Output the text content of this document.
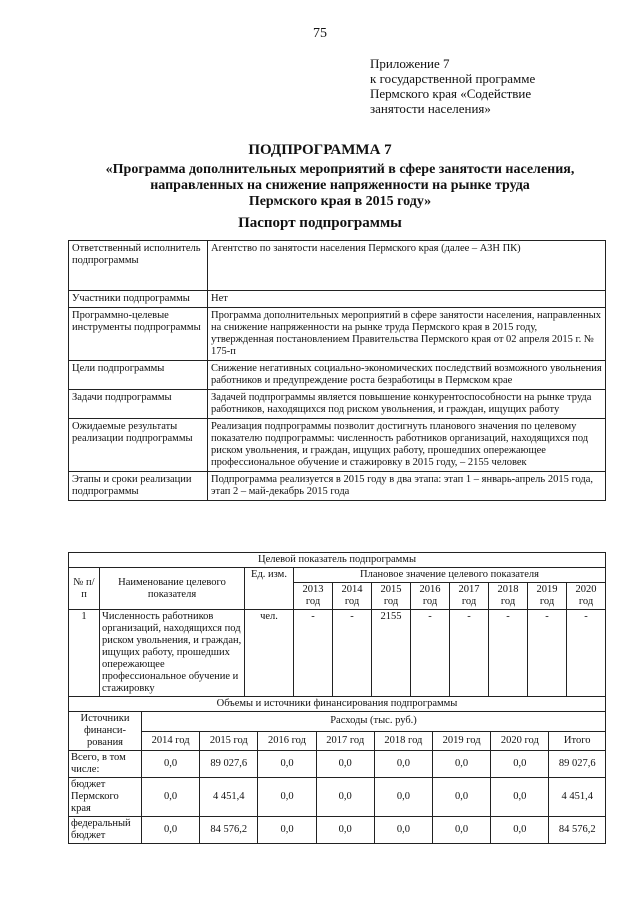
75
Приложение 7
к государственной программе
Пермского края «Содействие
занятости населения»
ПОДПРОГРАММА 7
«Программа дополнительных мероприятий в сфере занятости населения,
направленных на снижение напряженности на рынке труда
Пермского края в 2015 году»
Паспорт подпрограммы
Ответственный исполнитель подпрограммы	Агентство по занятости населения Пермского края (далее – АЗН ПК)
Участники подпрограммы	Нет
Программно-целевые инструменты подпрограммы	Программа дополнительных мероприятий в сфере занятости населения, направленных на снижение напряженности на рынке труда Пермского края в 2015 году, утвержденная постановлением Правительства Пермского края от 02 апреля 2015 г. № 175-п
Цели подпрограммы	Снижение негативных социально-экономических последствий возможного увольнения работников и предупреждение роста безработицы в Пермском крае
Задачи подпрограммы	Задачей подпрограммы является повышение конкурентоспособности на рынке труда работников, находящихся под риском увольнения, и граждан, ищущих работу
Ожидаемые результаты реализации подпрограммы	Реализация подпрограммы позволит достигнуть планового значения по целевому показателю подпрограммы: численность работников организаций, находящихся под риском увольнения, и граждан, ищущих работу, прошедших опережающее профессиональное обучение и стажировку в 2015 году, – 2155 человек
Этапы и сроки реализации подпрограммы	Подпрограмма реализуется в 2015 году в два этапа: этап 1 – январь-апрель 2015 года, этап 2 – май-декабрь 2015 года
Целевой показатель подпрограммы										
№ п/п	Наименование целевого показателя	Ед. изм.	Плановое значение целевого показателя							
			2013 год	2014 год	2015 год	2016 год	2017 год	2018 год	2019 год	2020 год
1	Численность работников организаций, находящихся под риском увольнения, и граждан, ищущих работу, прошедших опережающее профессиональное обучение и стажировку	чел.	-	-	2155	-	-	-	-	-
Объемы и источники финансирования подпрограммы								
Источники финанси-рования	Расходы (тыс. руб.)							
	2014 год	2015 год	2016 год	2017 год	2018 год	2019 год	2020 год	Итого
Всего, в том числе:	0,0	89 027,6	0,0	0,0	0,0	0,0	0,0	89 027,6
бюджет Пермского края	0,0	4 451,4	0,0	0,0	0,0	0,0	0,0	4 451,4
федеральный бюджет	0,0	84 576,2	0,0	0,0	0,0	0,0	0,0	84 576,2
